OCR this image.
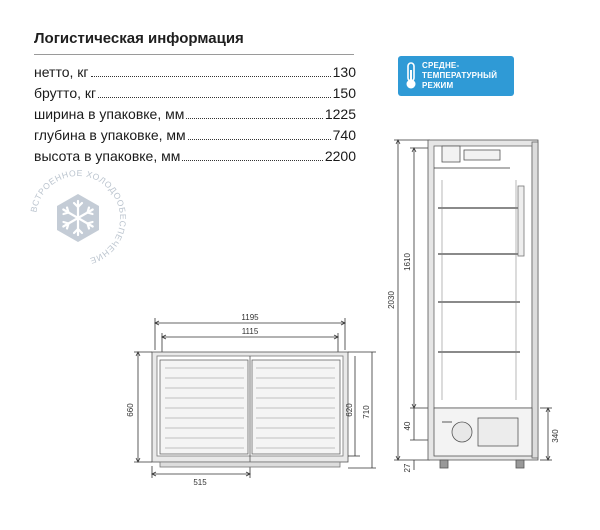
Логистическая информация
нетто, кг	130
брутто, кг	150
ширина в упаковке, мм	1225
глубина в упаковке, мм	740
высота в упаковке, мм	2200
СРЕДНЕ-
ТЕМПЕРАТУРНЫЙ
РЕЖИМ
ВСТРОЕННОЕ ХОЛОДООБЕСПЕЧЕНИЕ
1195
1115
660	620 710
515
2030
1610
40
340
27
